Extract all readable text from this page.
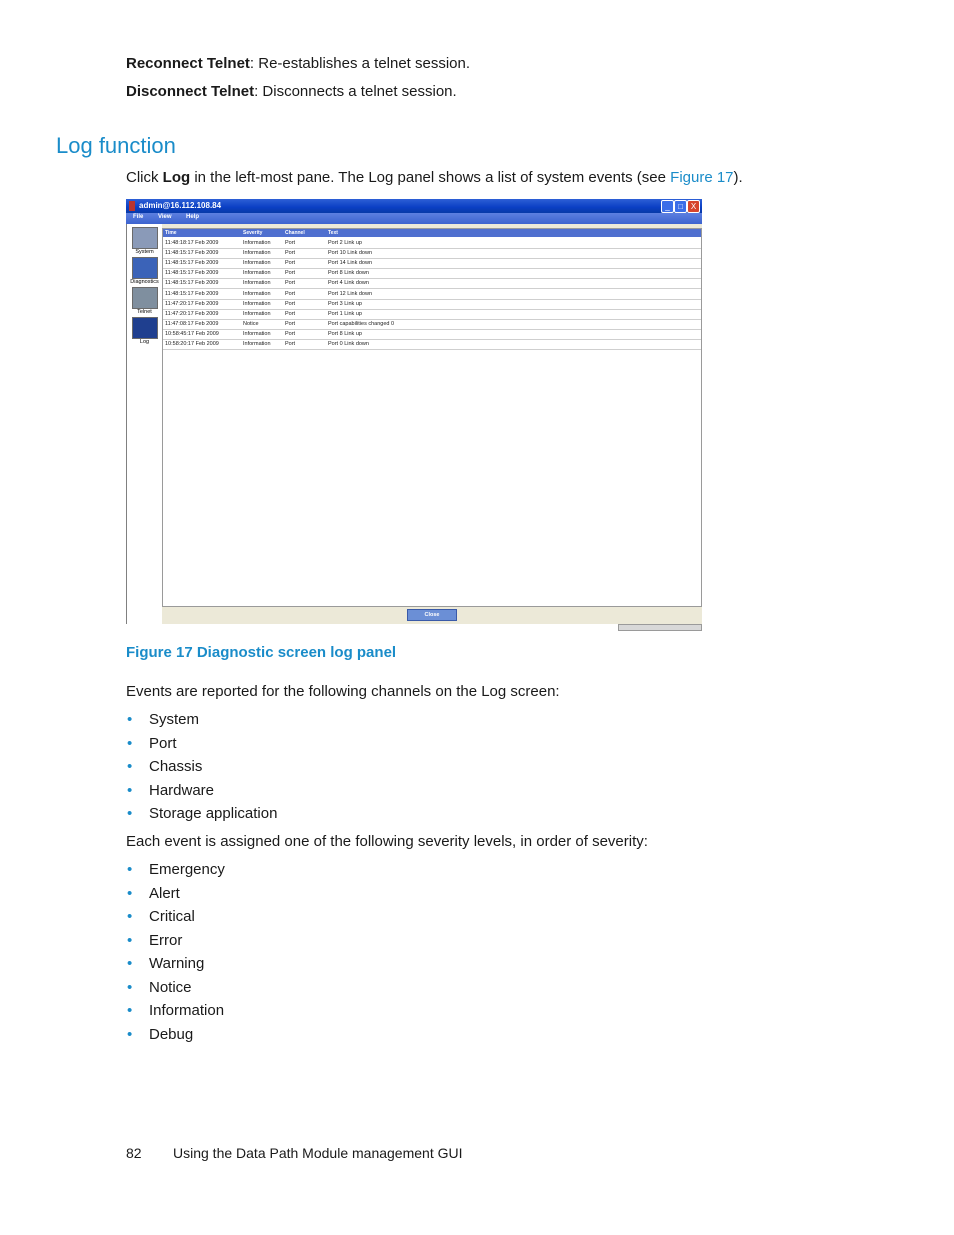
Reconnect Telnet: Re-establishes a telnet session.
Disconnect Telnet: Disconnects a telnet session.
Log function
Click Log in the left-most pane. The Log panel shows a list of system events (see Figure 17).
admin@16.112.108.84	_	□ X
File View Help
System
Diagnostics
Telnet
Log
Time	Severity	Channel	Text
11:48:18:17 Feb 2009	Information	Port	Port 2 Link up
11:48:15:17 Feb 2009	Information	Port	Port 10 Link down
11:48:15:17 Feb 2009	Information	Port	Port 14 Link down
11:48:15:17 Feb 2009	Information	Port	Port 8 Link down
11:48:15:17 Feb 2009	Information	Port	Port 4 Link down
11:48:15:17 Feb 2009	Information	Port	Port 12 Link down
11:47:20:17 Feb 2009	Information	Port	Port 3 Link up
11:47:20:17 Feb 2009	Information	Port	Port 1 Link up
11:47:08:17 Feb 2009	Notice	Port	Port capabilities changed 0
10:58:45:17 Feb 2009	Information	Port	Port 8 Link up
10:58:20:17 Feb 2009	Information	Port	Port 0 Link down
Close
Figure 17 Diagnostic screen log panel
Events are reported for the following channels on the Log screen:
• System
• Port
• Chassis
• Hardware
• Storage application
Each event is assigned one of the following severity levels, in order of severity:
• Emergency
• Alert
• Critical
• Error
• Warning
• Notice
• Information
• Debug
82 Using the Data Path Module management GUI
